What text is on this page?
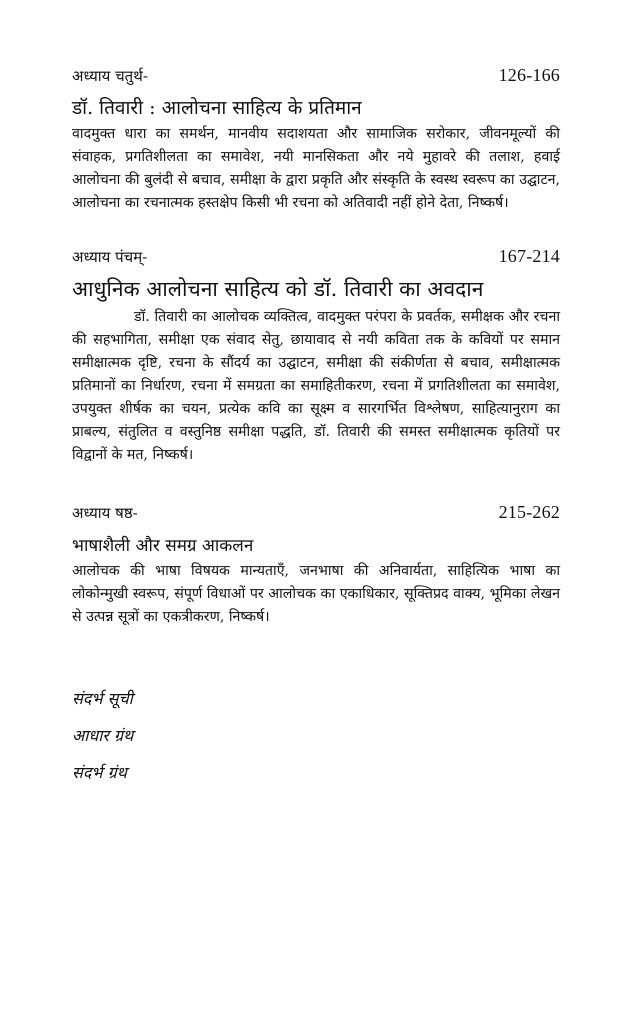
अध्याय चतुर्थ-	126-166
डॉ. तिवारी : आलोचना साहित्य के प्रतिमान
वादमुक्त धारा का समर्थन, मानवीय सदाशयता और सामाजिक सरोकार, जीवनमूल्यों की संवाहक, प्रगतिशीलता का समावेश, नयी मानसिकता और नये मुहावरे की तलाश, हवाई आलोचना की बुलंदी से बचाव, समीक्षा के द्वारा प्रकृति और संस्कृति के स्वस्थ स्वरूप का उद्घाटन, आलोचना का रचनात्मक हस्तक्षेप किसी भी रचना को अतिवादी नहीं होने देता, निष्कर्ष।
अध्याय पंचम्-	167-214
आधुनिक आलोचना साहित्य को डॉ. तिवारी का अवदान
डॉ. तिवारी का आलोचक व्यक्तित्व, वादमुक्त परंपरा के प्रवर्तक, समीक्षक और रचना की सहभागिता, समीक्षा एक संवाद सेतु, छायावाद से नयी कविता तक के कवियों पर समान समीक्षात्मक दृष्टि, रचना के सौंदर्य का उद्घाटन, समीक्षा की संकीर्णता से बचाव, समीक्षात्मक प्रतिमानों का निर्धारण, रचना में समग्रता का समाहितीकरण, रचना में प्रगतिशीलता का समावेश, उपयुक्त शीर्षक का चयन, प्रत्येक कवि का सूक्ष्म व सारगर्भित विश्लेषण, साहित्यानुराग का प्राबल्य, संतुलित व वस्तुनिष्ठ समीक्षा पद्धति, डॉ. तिवारी की समस्त समीक्षात्मक कृतियों पर विद्वानों के मत, निष्कर्ष।
अध्याय षष्ठ-	215-262
भाषाशैली और समग्र आकलन
आलोचक की भाषा विषयक मान्यताएँ, जनभाषा की अनिवार्यता, साहित्यिक भाषा का लोकोन्मुखी स्वरूप, संपूर्ण विधाओं पर आलोचक का एकाधिकार, सूक्तिप्रद वाक्य, भूमिका लेखन से उत्पन्न सूत्रों का एकत्रीकरण, निष्कर्ष।
संदर्भ सूची
आधार ग्रंथ
संदर्भ ग्रंथ
